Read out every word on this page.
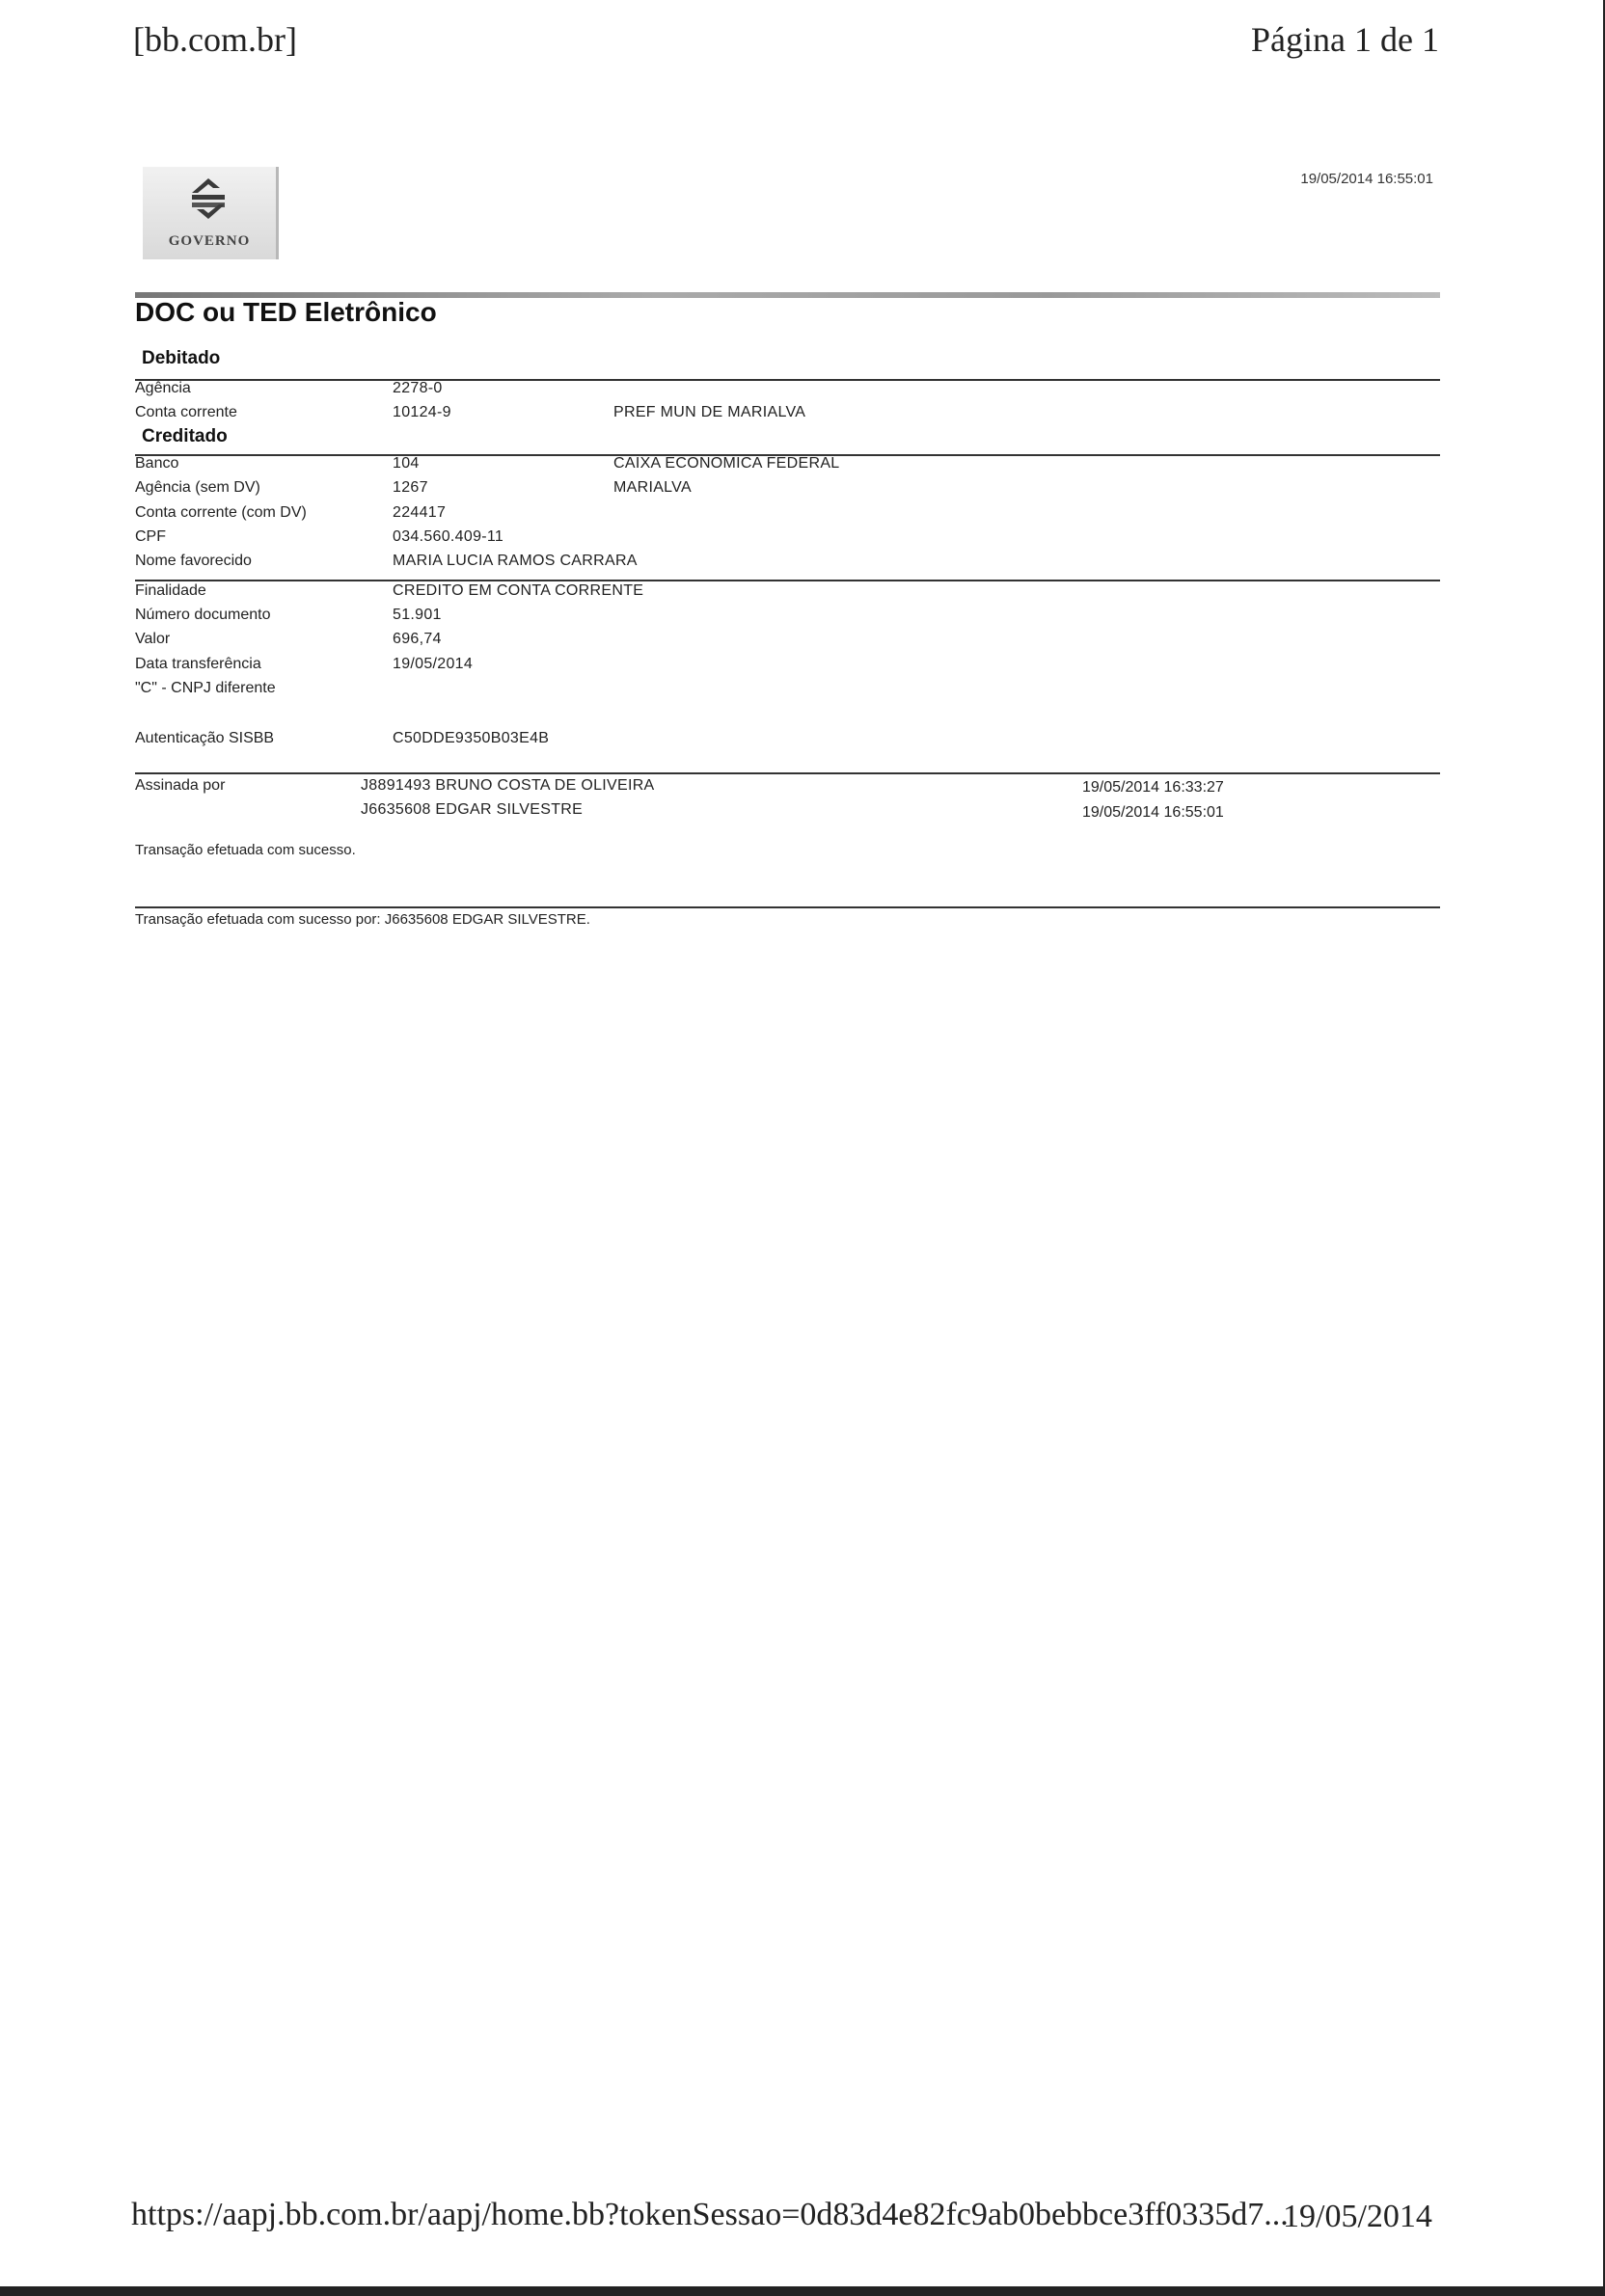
[bb.com.br]	Página 1 de 1
GOVERNO
19/05/2014 16:55:01
DOC ou TED Eletrônico
Debitado
Agência	2278-0
Conta corrente	10124-9	PREF MUN DE MARIALVA
Creditado
Banco	104	CAIXA ECONOMICA FEDERAL
Agência (sem DV)	1267	MARIALVA
Conta corrente (com DV)	224417
CPF	034.560.409-11
Nome favorecido	MARIA LUCIA RAMOS CARRARA
Finalidade	CREDITO EM CONTA CORRENTE
Número documento	51.901
Valor	696,74
Data transferência	19/05/2014
"C" - CNPJ diferente
Autenticação SISBB	C50DDE9350B03E4B
Assinada por	J8891493 BRUNO COSTA DE OLIVEIRA	19/05/2014 16:33:27
J6635608 EDGAR SILVESTRE	19/05/2014 16:55:01
Transação efetuada com sucesso.
Transação efetuada com sucesso por: J6635608 EDGAR SILVESTRE.
https://aapj.bb.com.br/aapj/home.bb?tokenSessao=0d83d4e82fc9ab0bebbce3ff0335d7...
19/05/2014
